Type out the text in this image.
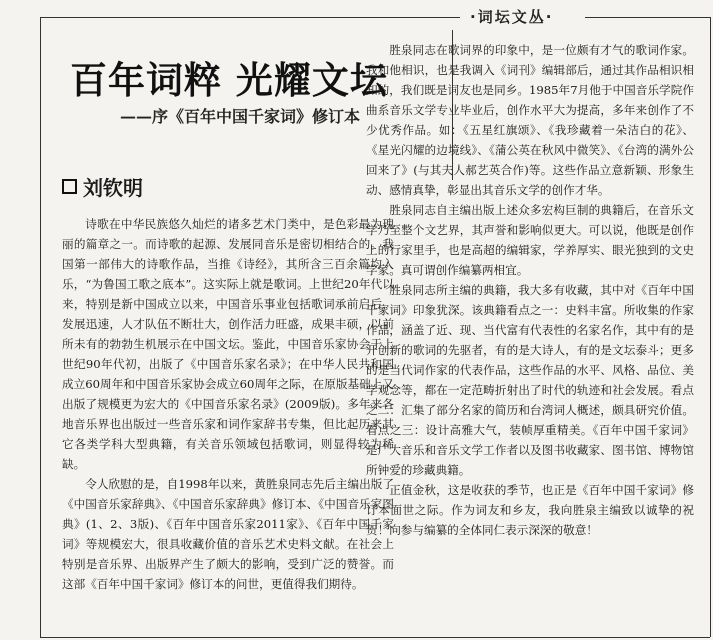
·词坛文丛·
百年词粹 光耀文坛
——序《百年中国千家词》修订本
刘钦明

诗歌在中华民族悠久灿烂的诸多艺术门类中，是色彩最为瑰丽的篇章之一。而诗歌的起源、发展同音乐是密切相结合的。我国第一部伟大的诗歌作品，当推《诗经》，其所含三百余篇均入乐，“为鲁国工歌之底本”。这实际上就是歌词。上世纪20年代以来，特别是新中国成立以来，中国音乐事业包括歌词承前启后，发展迅速，人才队伍不断壮大，创作活力旺盛，成果丰硕，以前所未有的勃勃生机展示在中国文坛。鉴此，中国音乐家协会于上世纪90年代初，出版了《中国音乐家名录》；在中华人民共和国成立60周年和中国音乐家协会成立60周年之际，在原版基础上又出版了规模更为宏大的《中国音乐家名录》(2009版)。多年来各地音乐界也出版过一些音乐家和词作家辞书专集，但比起历来其它各类学科大型典籍，有关音乐领域包括歌词，则显得较为稀缺。

令人欣慰的是，自1998年以来，黄胜泉同志先后主编出版了《中国音乐家辞典》、《中国音乐家辞典》修订本、《中国音乐家图典》(1、2、3版)、《百年中国音乐家2011家》、《百年中国千家词》等规模宏大，很具收藏价值的音乐艺术史料文献。在社会上特别是音乐界、出版界产生了颇大的影响，受到广泛的赞誉。而这部《百年中国千家词》修订本的问世，更值得我们期待。

胜泉同志在歌词界的印象中，是一位颇有才气的歌词作家。我和他相识，也是我调入《词刊》编辑部后，通过其作品相识相知的，我们既是词友也是同乡。1985年7月他于中国音乐学院作曲系音乐文学专业毕业后，创作水平大为提高，多年来创作了不少优秀作品。如：《五星红旗颂》、《我珍藏着一朵洁白的花》、《星光闪耀的边境线》、《蒲公英在秋风中微笑》、《台湾的满外公回来了》(与其夫人郝艺英合作)等。这些作品立意新颖、形象生动、感情真挚，彰显出其音乐文学的创作才华。

胜泉同志自主编出版上述众多宏构巨制的典籍后，在音乐文学乃至整个文艺界，其声誉和影响似更大。可以说，他既是创作上的行家里手，也是高超的编辑家，学养厚实、眼光独到的文史学家。真可谓创作编纂两相宜。

胜泉同志所主编的典籍，我大多有收藏，其中对《百年中国千家词》印象犹深。该典籍看点之一：史料丰富。所收集的作家作品，涵盖了近、现、当代富有代表性的名家名作，其中有的是开创新的歌词的先驱者，有的是大诗人，有的是文坛泰斗；更多的是当代词作家的代表作品，这些作品的水平、风格、品位、美学观念等，都在一定范畴折射出了时代的轨迹和社会发展。看点之二：汇集了部分名家的简历和台湾词人概述，颇具研究价值。看点之三：设计高雅大气，装帧厚重精美。《百年中国千家词》是广大音乐和音乐文学工作者以及图书收藏家、图书馆、博物馆所钟爱的珍藏典籍。

正值金秋，这是收获的季节，也正是《百年中国千家词》修订本面世之际。作为词友和乡友，我向胜泉主编致以诚挚的祝贺！向参与编纂的全体同仁表示深深的敬意！
